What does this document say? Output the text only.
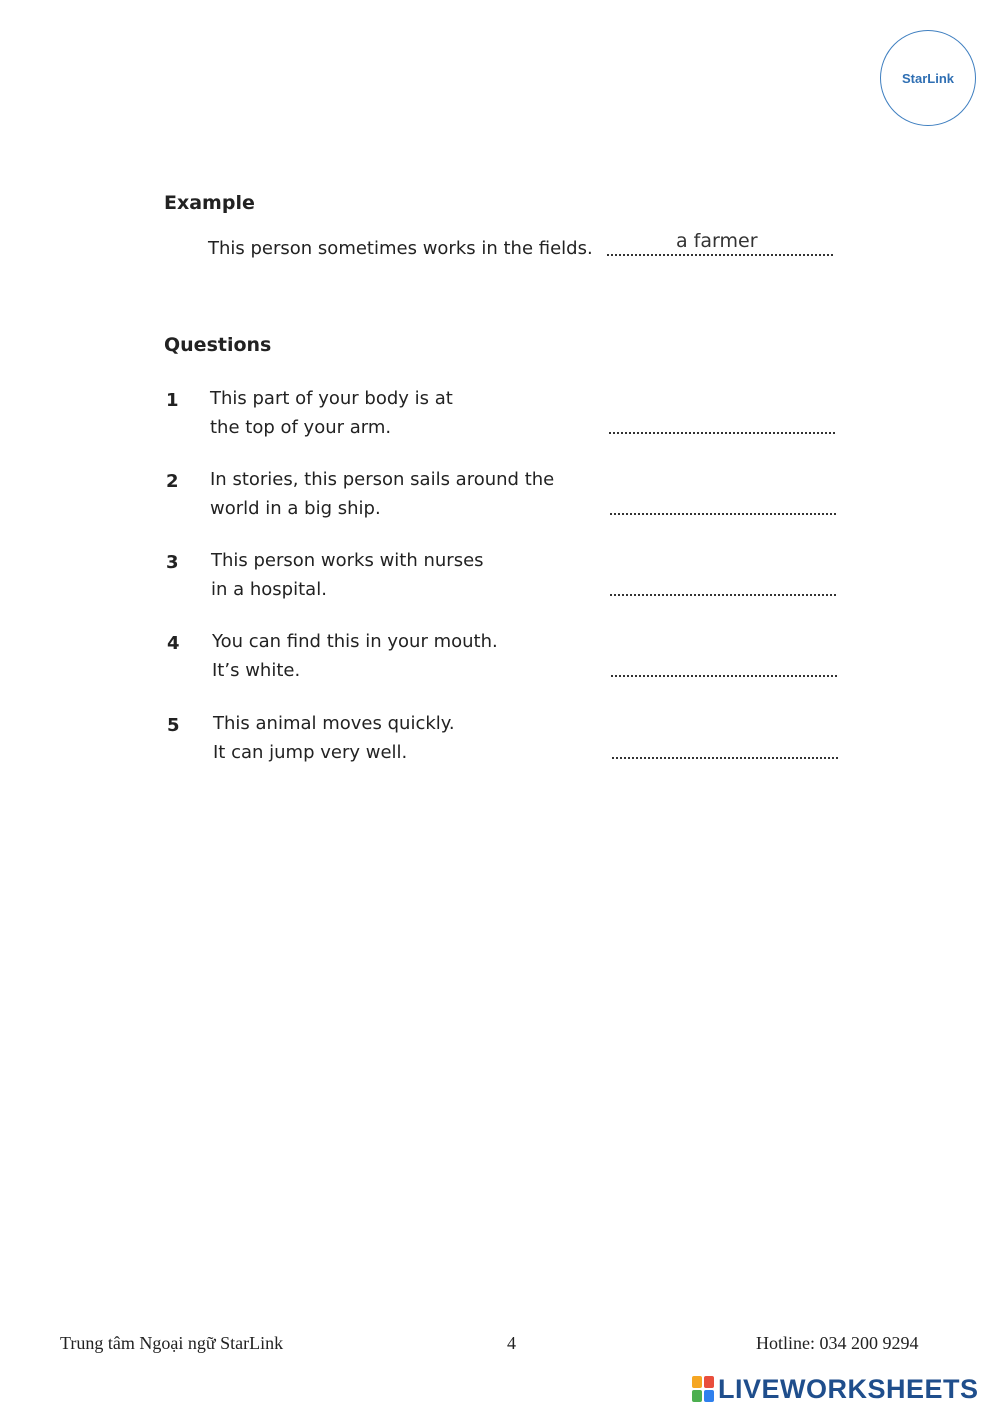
StarLink
Example
This person sometimes works in the fields.	a farmer
Questions
1 This part of your body is at
the top of your arm.
2 In stories, this person sails around the
world in a big ship.
3 This person works with nurses
in a hospital.
4 You can find this in your mouth.
It’s white.
5 This animal moves quickly.
It can jump very well.
Trung tâm Ngoại ngữ StarLink	4	Hotline: 034 200 9294
LIVEWORKSHEETS
